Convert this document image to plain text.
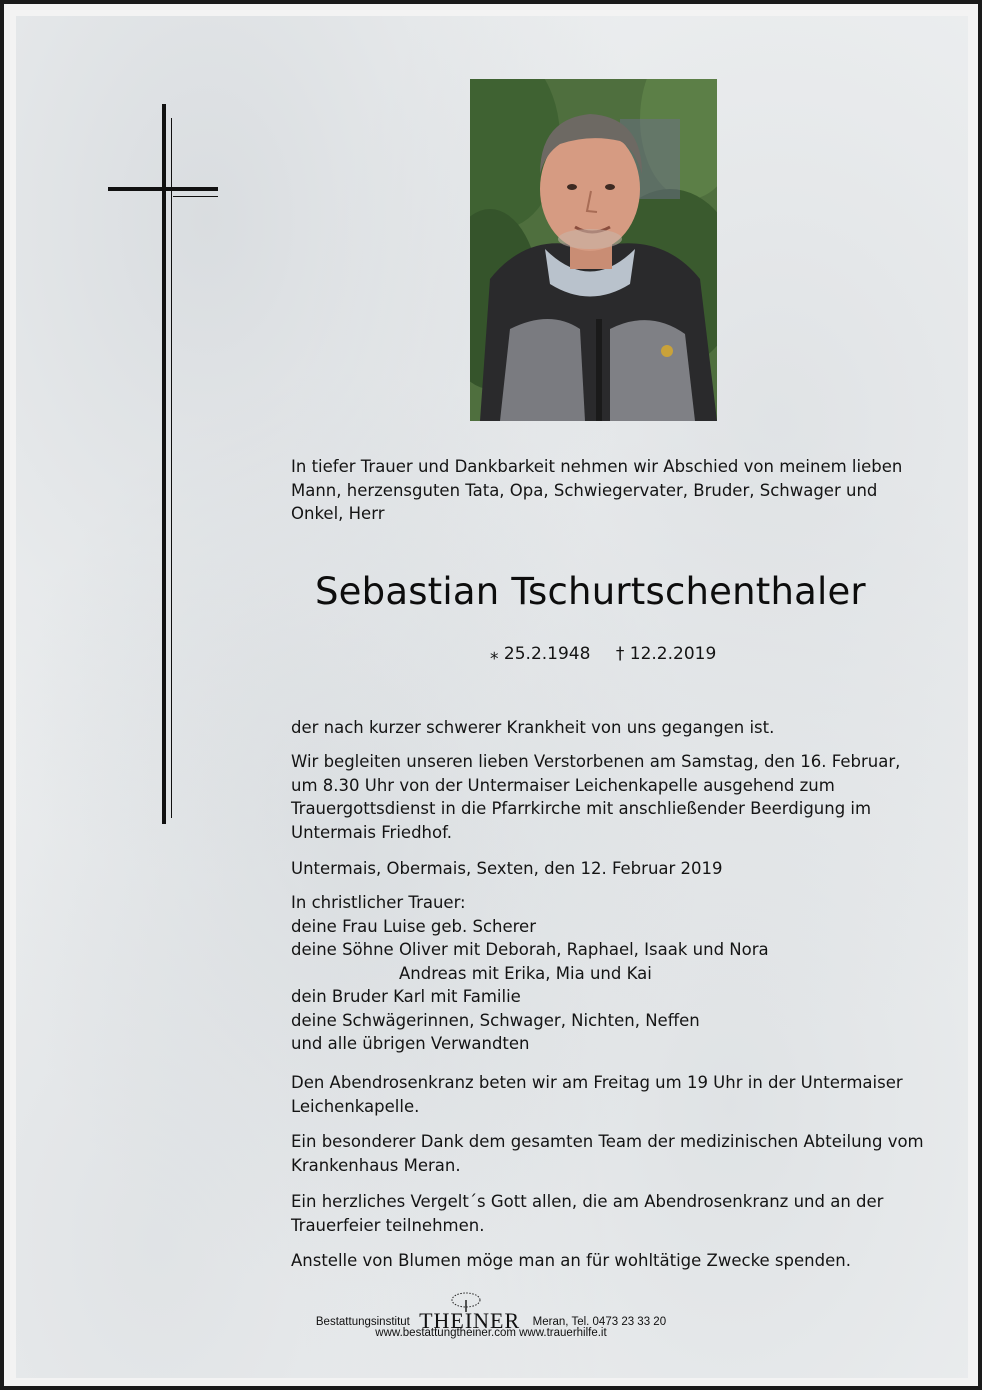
In tiefer Trauer und Dankbarkeit nehmen wir Abschied von meinem lieben
Mann, herzensguten Tata, Opa, Schwiegervater, Bruder, Schwager und
Onkel, Herr

Sebastian Tschurtschenthaler
⁎ 25.2.1948 † 12.2.2019

der nach kurzer schwerer Krankheit von uns gegangen ist.

Wir begleiten unseren lieben Verstorbenen am Samstag, den 16. Februar,
um 8.30 Uhr von der Untermaiser Leichenkapelle ausgehend zum
Trauergottsdienst in die Pfarrkirche mit anschließender Beerdigung im
Untermais Friedhof.

Untermais, Obermais, Sexten, den 12. Februar 2019

In christlicher Trauer:
deine Frau Luise geb. Scherer
deine Söhne Oliver mit Deborah, Raphael, Isaak und Nora
Andreas mit Erika, Mia und Kai
dein Bruder Karl mit Familie
deine Schwägerinnen, Schwager, Nichten, Neffen
und alle übrigen Verwandten

Den Abendrosenkranz beten wir am Freitag um 19 Uhr in der Untermaiser
Leichenkapelle.

Ein besonderer Dank dem gesamten Team der medizinischen Abteilung vom
Krankenhaus Meran.

Ein herzliches Vergelt´s Gott allen, die am Abendrosenkranz und an der
Trauerfeier teilnehmen.

Anstelle von Blumen möge man an für wohltätige Zwecke spenden.

Bestattungsinstitut THEINER Meran, Tel. 0473 23 33 20
www.bestattungtheiner.com www.trauerhilfe.it
